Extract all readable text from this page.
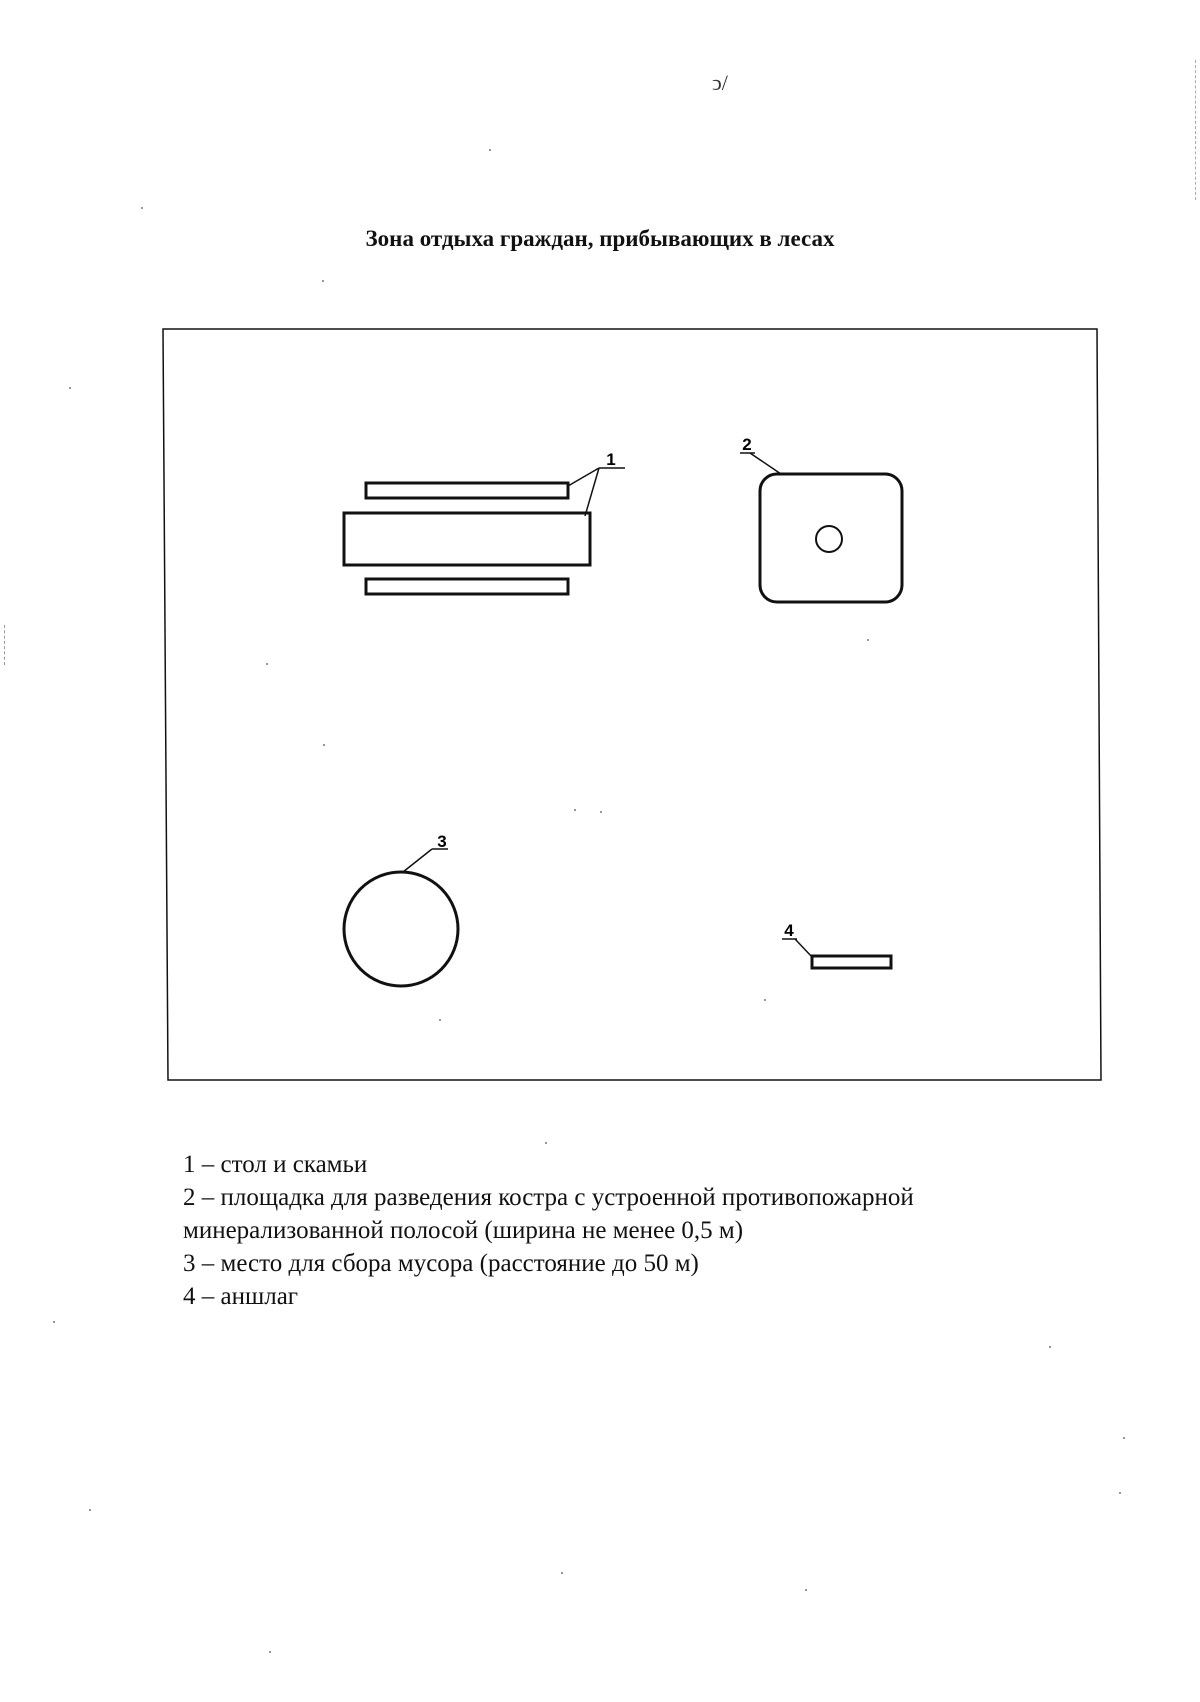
ↄ/
Зона отдыха граждан, прибывающих в лесах
1
2
3
4
1 – стол и скамьи
2 – площадка для разведения костра с устроенной противопожарной
минерализованной полосой (ширина не менее 0,5 м)
3 – место для сбора мусора (расстояние до 50 м)
4 – аншлаг
